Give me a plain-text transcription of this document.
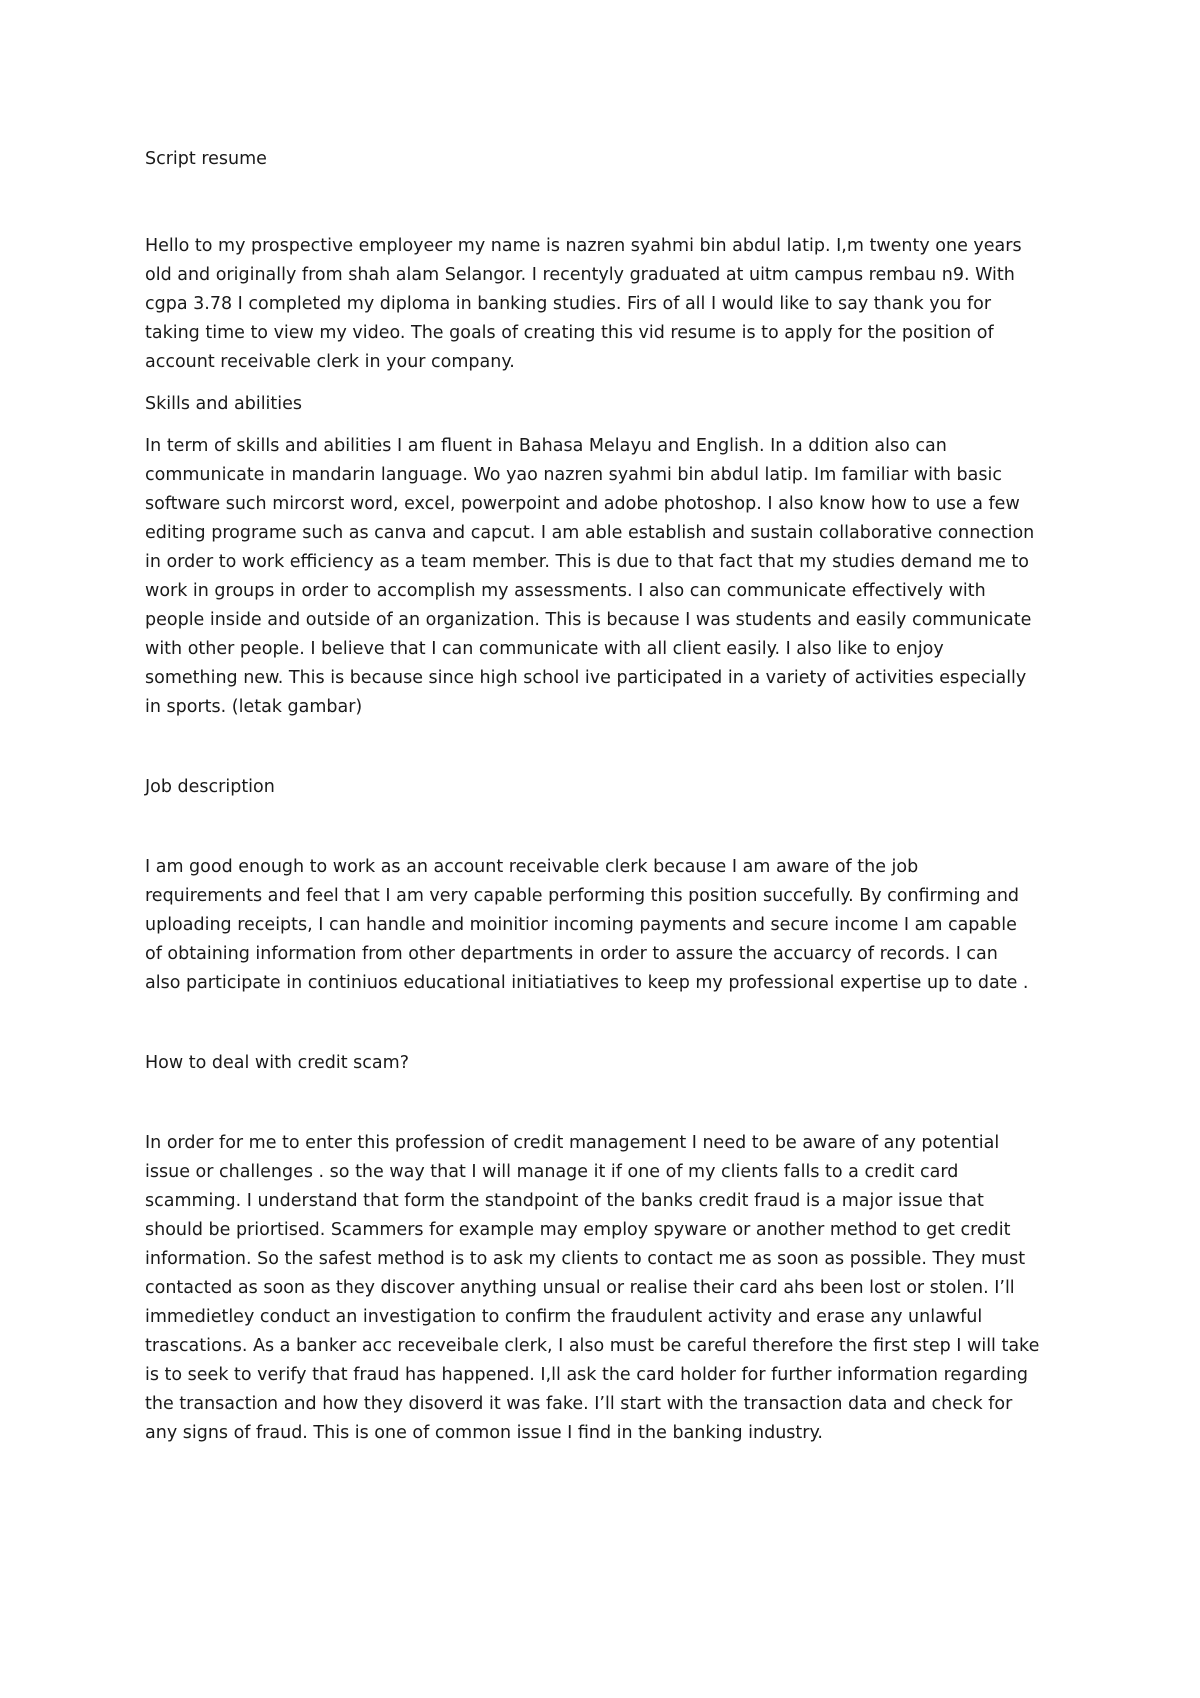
Script resume

Hello to my prospective employeer my name is nazren syahmi bin abdul latip. I,m twenty one years

old and originally from shah alam Selangor. I recentyly graduated at uitm campus rembau n9. With

cgpa 3.78 I completed my diploma in banking studies. Firs of all I would like to say thank you for

taking time to view my video. The goals of creating this vid resume is to apply for the position of

account receivable clerk in your company.

Skills and abilities

In term of skills and abilities I am fluent in Bahasa Melayu and English. In a ddition also can

communicate in mandarin language. Wo yao nazren syahmi bin abdul latip. Im familiar with basic

software such mircorst word, excel, powerpoint and adobe photoshop. I also know how to use a few

editing programe such as canva and capcut. I am able establish and sustain collaborative connection

in order to work efficiency as a team member. This is due to that fact that my studies demand me to

work in groups in order to accomplish my assessments. I also can communicate effectively with

people inside and outside of an organization. This is because I was students and easily communicate

with other people. I believe that I can communicate with all client easily. I also like to enjoy

something new. This is because since high school ive participated in a variety of activities especially

in sports. (letak gambar)

Job description

I am good enough to work as an account receivable clerk because I am aware of the job

requirements and feel that I am very capable performing this position succefully. By confirming and

uploading receipts, I can handle and moinitior incoming payments and secure income I am capable

of obtaining information from other departments in order to assure the accuarcy of records. I can

also participate in continiuos educational initiatiatives to keep my professional expertise up to date .

How to deal with credit scam?

In order for me to enter this profession of credit management I need to be aware of any potential

issue or challenges . so the way that I will manage it if one of my clients falls to a credit card

scamming. I understand that form the standpoint of the banks credit fraud is a major issue that

should be priortised. Scammers for example may employ spyware or another method to get credit

information. So the safest method is to ask my clients to contact me as soon as possible. They must

contacted as soon as they discover anything unsual or realise their card ahs been lost or stolen. I’ll

immedietley conduct an investigation to confirm the fraudulent activity and erase any unlawful

trascations. As a banker acc receveibale clerk, I also must be careful therefore the first step I will take

is to seek to verify that fraud has happened. I,ll ask the card holder for further information regarding

the transaction and how they disoverd it was fake. I’ll start with the transaction data and check for

any signs of fraud. This is one of common issue I find in the banking industry.
